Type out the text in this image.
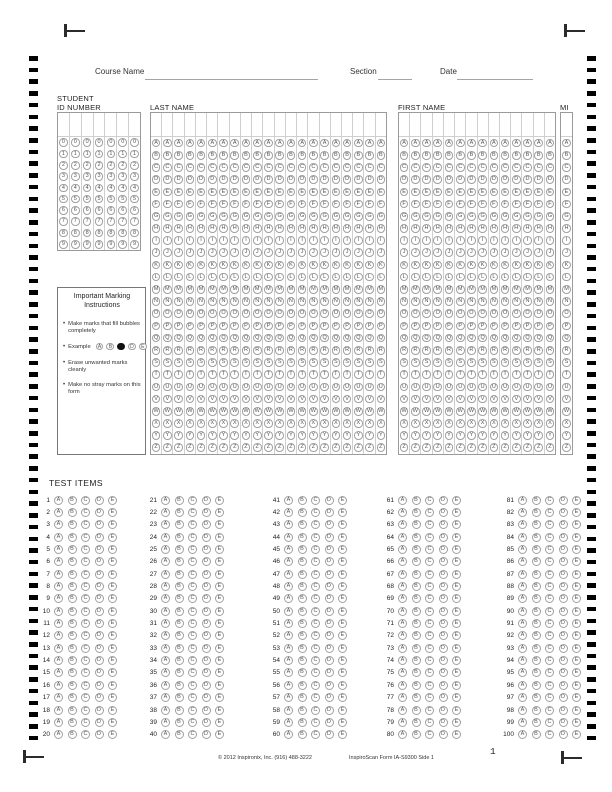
Course Name	Section	Date
STUDENT
ID NUMBER	LAST NAME	FIRST NAME	MI
0	0	0	0	0	0	0
1	1	1	1	1	1	1
2	2	2	2	2	2	2
3	3	3	3	3	3	3
4	4	4	4	4	4	4
5	5	5	5	5	5	5
6	6	6	6	6	6	6
7	7	7	7	7	7	7
8	8	8	8	8	8	8
9	9	9	9	9	9	9
A	A	A	A	A	A	A	A	A	A	A	A	A	A	A	A	A	A	A	A	A
B	B	B	B	B	B	B	B	B	B	B	B	B	B	B	B	B	B	B	B	B
C	C	C	C	C	C	C	C	C	C	C	C	C	C	C	C	C	C	C	C	C
D	D	D	D	D	D	D	D	D	D	D	D	D	D	D	D	D	D	D	D	D
E	E	E	E	E	E	E	E	E	E	E	E	E	E	E	E	E	E	E	E	E
F	F	F	F	F	F	F	F	F	F	F	F	F	F	F	F	F	F	F	F	F
G	G	G	G	G	G	G	G	G	G	G	G	G	G	G	G	G	G	G	G	G
H	H	H	H	H	H	H	H	H	H	H	H	H	H	H	H	H	H	H	H	H
I	I	I	I	I	I	I	I	I	I	I	I	I	I	I	I	I	I	I	I	I
J	J	J	J	J	J	J	J	J	J	J	J	J	J	J	J	J	J	J	J	J
K	K	K	K	K	K	K	K	K	K	K	K	K	K	K	K	K	K	K	K	K
L	L	L	L	L	L	L	L	L	L	L	L	L	L	L	L	L	L	L	L	L
M	M	M	M	M	M	M	M	M	M	M	M	M	M	M	M	M	M	M	M	M
N	N	N	N	N	N	N	N	N	N	N	N	N	N	N	N	N	N	N	N	N
O	O	O	O	O	O	O	O	O	O	O	O	O	O	O	O	O	O	O	O	O
P	P	P	P	P	P	P	P	P	P	P	P	P	P	P	P	P	P	P	P	P
Q	Q	Q	Q	Q	Q	Q	Q	Q	Q	Q	Q	Q	Q	Q	Q	Q	Q	Q	Q	Q
R	R	R	R	R	R	R	R	R	R	R	R	R	R	R	R	R	R	R	R	R
S	S	S	S	S	S	S	S	S	S	S	S	S	S	S	S	S	S	S	S	S
T	T	T	T	T	T	T	T	T	T	T	T	T	T	T	T	T	T	T	T	T
U	U	U	U	U	U	U	U	U	U	U	U	U	U	U	U	U	U	U	U	U
V	V	V	V	V	V	V	V	V	V	V	V	V	V	V	V	V	V	V	V	V
W	W	W	W	W	W	W	W	W	W	W	W	W	W	W	W	W	W	W	W	W
X	X	X	X	X	X	X	X	X	X	X	X	X	X	X	X	X	X	X	X	X
Y	Y	Y	Y	Y	Y	Y	Y	Y	Y	Y	Y	Y	Y	Y	Y	Y	Y	Y	Y	Y
Z	Z	Z	Z	Z	Z	Z	Z	Z	Z	Z	Z	Z	Z	Z	Z	Z	Z	Z	Z	Z
A	A	A	A	A	A	A	A	A	A	A	A	A	A
B	B	B	B	B	B	B	B	B	B	B	B	B	B
C	C	C	C	C	C	C	C	C	C	C	C	C	C
D	D	D	D	D	D	D	D	D	D	D	D	D	D
E	E	E	E	E	E	E	E	E	E	E	E	E	E
F	F	F	F	F	F	F	F	F	F	F	F	F	F
G	G	G	G	G	G	G	G	G	G	G	G	G	G
H	H	H	H	H	H	H	H	H	H	H	H	H	H
I	I	I	I	I	I	I	I	I	I	I	I	I	I
J	J	J	J	J	J	J	J	J	J	J	J	J	J
K	K	K	K	K	K	K	K	K	K	K	K	K	K
L	L	L	L	L	L	L	L	L	L	L	L	L	L
M	M	M	M	M	M	M	M	M	M	M	M	M	M
N	N	N	N	N	N	N	N	N	N	N	N	N	N
O	O	O	O	O	O	O	O	O	O	O	O	O	O
P	P	P	P	P	P	P	P	P	P	P	P	P	P
Q	Q	Q	Q	Q	Q	Q	Q	Q	Q	Q	Q	Q	Q
R	R	R	R	R	R	R	R	R	R	R	R	R	R
S	S	S	S	S	S	S	S	S	S	S	S	S	S
T	T	T	T	T	T	T	T	T	T	T	T	T	T
U	U	U	U	U	U	U	U	U	U	U	U	U	U
V	V	V	V	V	V	V	V	V	V	V	V	V	V
W	W	W	W	W	W	W	W	W	W	W	W	W	W
X	X	X	X	X	X	X	X	X	X	X	X	X	X
Y	Y	Y	Y	Y	Y	Y	Y	Y	Y	Y	Y	Y	Y
Z	Z	Z	Z	Z	Z	Z	Z	Z	Z	Z	Z	Z	Z
A
B
C
D
E
F
G
H
I
J
K
L
M
N
O
P
Q
R
S
T
U
V
W
X
Y
Z
Important Marking
Instructions
• Make marks that fill bubbles completely
• Example	A	B	D	E
• Erase unwanted marks cleanly
• Make no stray marks on this form
TEST ITEMS
1	A	B	C	D	E
2	A	B	C	D	E
3	A	B	C	D	E
4	A	B	C	D	E
5	A	B	C	D	E
6	A	B	C	D	E
7	A	B	C	D	E
8	A	B	C	D	E
9	A	B	C	D	E
10	A	B	C	D	E
11	A	B	C	D	E
12	A	B	C	D	E
13	A	B	C	D	E
14	A	B	C	D	E
15	A	B	C	D	E
16	A	B	C	D	E
17	A	B	C	D	E
18	A	B	C	D	E
19	A	B	C	D	E
20	A	B	C	D	E
21	A	B	C	D	E
22	A	B	C	D	E
23	A	B	C	D	E
24	A	B	C	D	E
25	A	B	C	D	E
26	A	B	C	D	E
27	A	B	C	D	E
28	A	B	C	D	E
29	A	B	C	D	E
30	A	B	C	D	E
31	A	B	C	D	E
32	A	B	C	D	E
33	A	B	C	D	E
34	A	B	C	D	E
35	A	B	C	D	E
36	A	B	C	D	E
37	A	B	C	D	E
38	A	B	C	D	E
39	A	B	C	D	E
40	A	B	C	D	E
41	A	B	C	D	E
42	A	B	C	D	E
43	A	B	C	D	E
44	A	B	C	D	E
45	A	B	C	D	E
46	A	B	C	D	E
47	A	B	C	D	E
48	A	B	C	D	E
49	A	B	C	D	E
50	A	B	C	D	E
51	A	B	C	D	E
52	A	B	C	D	E
53	A	B	C	D	E
54	A	B	C	D	E
55	A	B	C	D	E
56	A	B	C	D	E
57	A	B	C	D	E
58	A	B	C	D	E
59	A	B	C	D	E
60	A	B	C	D	E
61	A	B	C	D	E
62	A	B	C	D	E
63	A	B	C	D	E
64	A	B	C	D	E
65	A	B	C	D	E
66	A	B	C	D	E
67	A	B	C	D	E
68	A	B	C	D	E
69	A	B	C	D	E
70	A	B	C	D	E
71	A	B	C	D	E
72	A	B	C	D	E
73	A	B	C	D	E
74	A	B	C	D	E
75	A	B	C	D	E
76	A	B	C	D	E
77	A	B	C	D	E
78	A	B	C	D	E
79	A	B	C	D	E
80	A	B	C	D	E
81	A	B	C	D	E
82	A	B	C	D	E
83	A	B	C	D	E
84	A	B	C	D	E
85	A	B	C	D	E
86	A	B	C	D	E
87	A	B	C	D	E
88	A	B	C	D	E
89	A	B	C	D	E
90	A	B	C	D	E
91	A	B	C	D	E
92	A	B	C	D	E
93	A	B	C	D	E
94	A	B	C	D	E
95	A	B	C	D	E
96	A	B	C	D	E
97	A	B	C	D	E
98	A	B	C	D	E
99	A	B	C	D	E
100	A	B	C	D	E
© 2012 Inspironix, Inc. (916) 488-3222	InspiroScan Form IA-S9300 Side 1
1
